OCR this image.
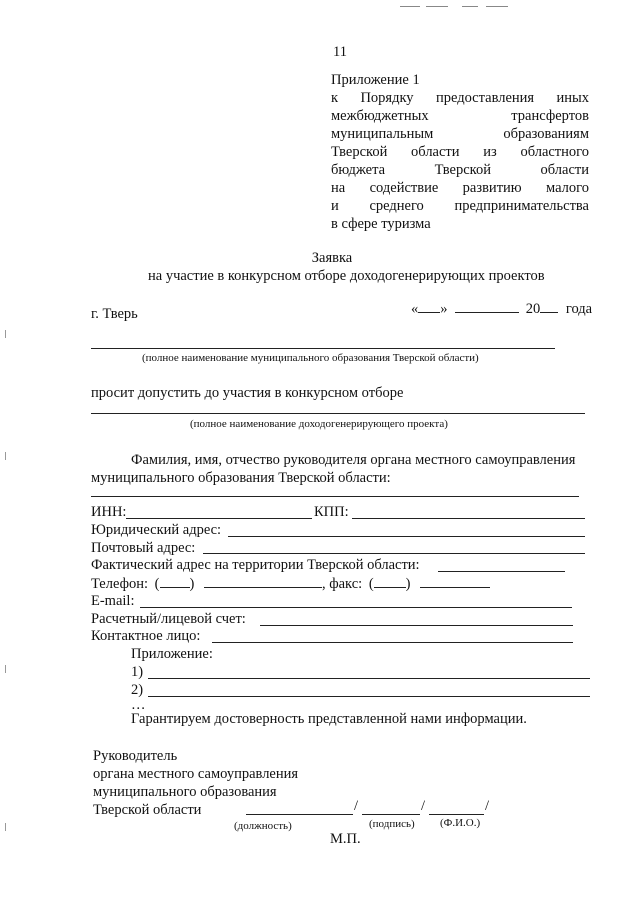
11
Приложение 1
к Порядку предоставления иных
межбюджетных	трансфертов
муниципальным	образованиям
Тверской области из областного
бюджета	Тверской	области
на содействие развитию малого
и среднего предпринимательства
в сфере туризма
Заявка
на участие в конкурсном отборе доходогенерирующих проектов
г. Тверь	« »	20 года
(полное наименование муниципального образования Тверской области)
просит допустить до участия в конкурсном отборе
(полное наименование доходогенерирующего проекта)
Фамилия, имя, отчество руководителя органа местного самоуправления
муниципального образования Тверской области:
ИНН:	КПП:
Юридический адрес:
Почтовый адрес:
Фактический адрес на территории Тверской области:
Телефон: ( )	, факс: ( )
E-mail:
Расчетный/лицевой счет:
Контактное лицо:
Приложение:
1)
2)
…
Гарантируем достоверность представленной нами информации.
Руководитель
органа местного самоуправления
муниципального образования
Тверской области	/	/	/
(должность)	(подпись) (Ф.И.О.)
М.П.
